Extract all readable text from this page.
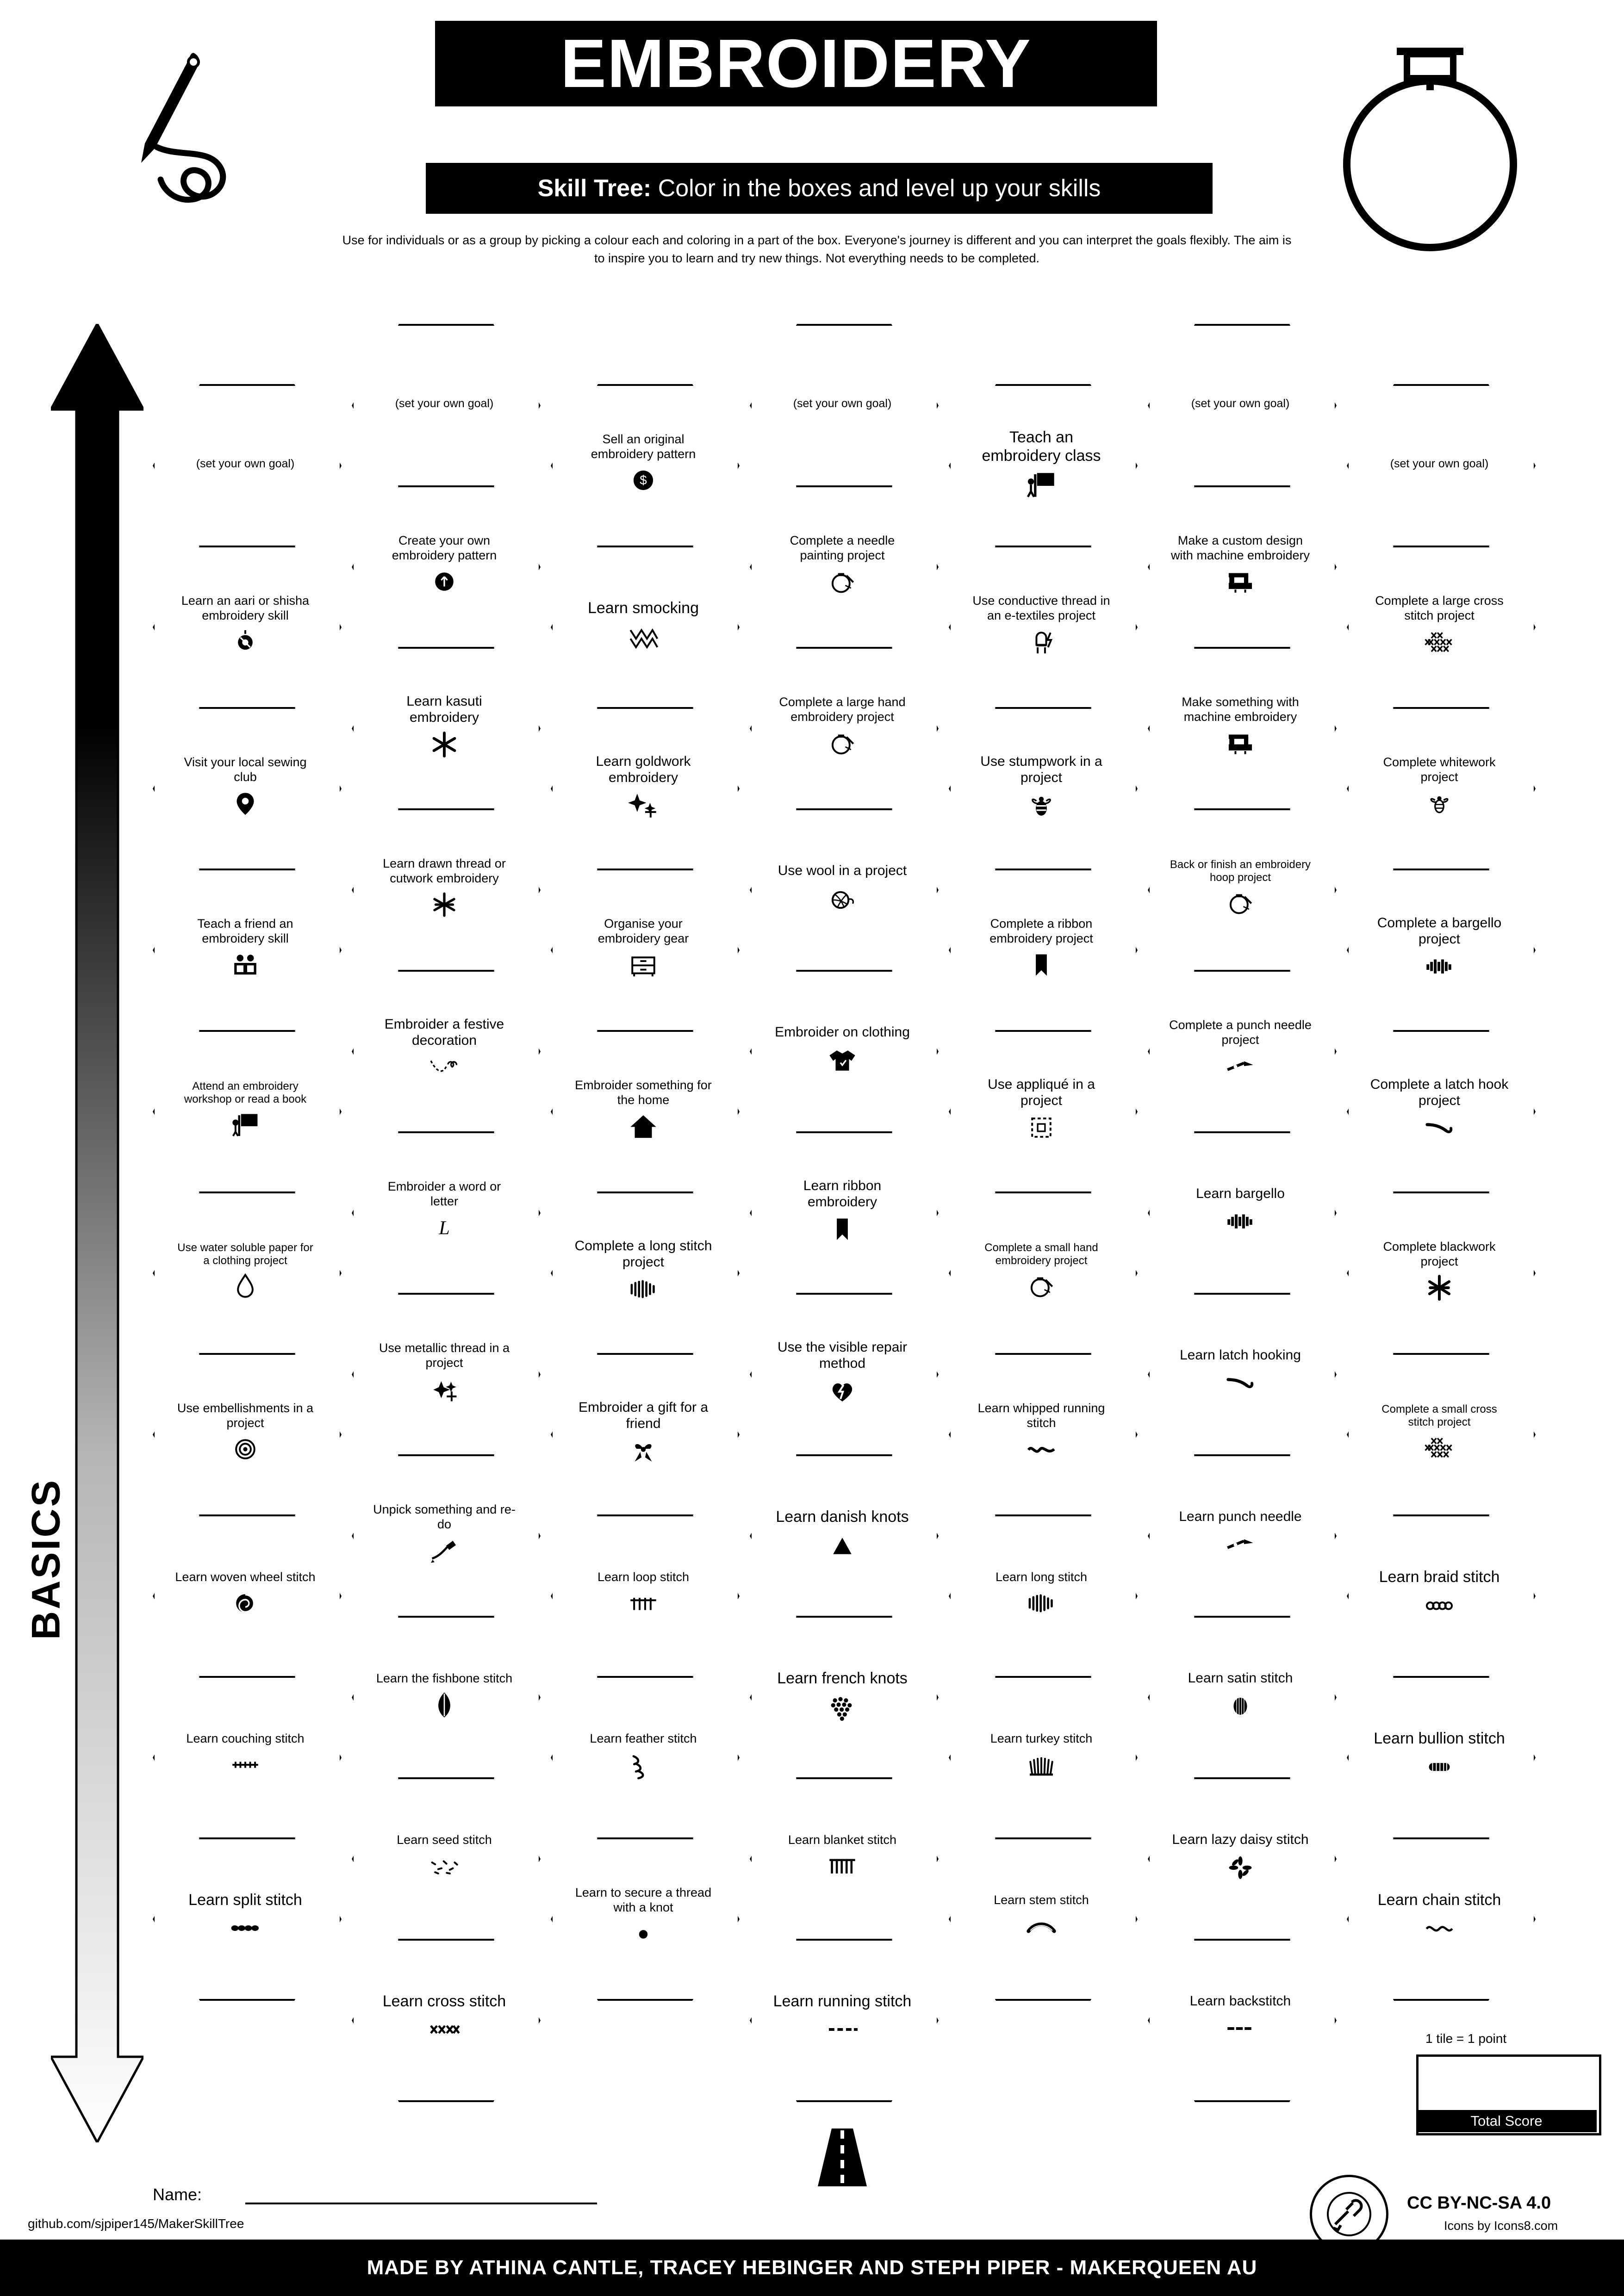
EMBROIDERY
Skill Tree: Color in the boxes and level up your skills
Use for individuals or as a group by picking a colour each and coloring in a part of the box. Everyone's journey is different and you can interpret the goals flexibly. The aim is to inspire you to learn and try new things. Not everything needs to be completed.
ADVANCED
BASICS
(set your own goal)
Learn an aari or shisha embroidery skill
Visit your local sewing club
Teach a friend an embroidery skill
Attend an embroidery workshop or read a book
Use water soluble paper for a clothing project
Use embellishments in a project
Learn woven wheel stitch
Learn couching stitch
Learn split stitch
(set your own goal)
Create your own embroidery pattern
Learn kasuti embroidery
Learn drawn thread or cutwork embroidery
Embroider a festive decoration
Embroider a word or letter
L
Use metallic thread in a project
Unpick something and re-do
Learn the fishbone stitch
Learn seed stitch
Learn cross stitch
Sell an original embroidery pattern
$
Learn smocking
Learn goldwork embroidery
Organise your embroidery gear
Embroider something for the home
Complete a long stitch project
Embroider a gift for a friend
Learn loop stitch
Learn feather stitch
Learn to secure a thread with a knot
(set your own goal)
Complete a needle painting project
Complete a large hand embroidery project
Use wool in a project
Embroider on clothing
Learn ribbon embroidery
Use the visible repair method
Learn danish knots
Learn french knots
Learn blanket stitch
Learn running stitch
Teach an embroidery class
Use conductive thread in an e-textiles project
Use stumpwork in a project
Complete a ribbon embroidery project
Use appliqué in a project
Complete a small hand embroidery project
Learn whipped running stitch
Learn long stitch
Learn turkey stitch
Learn stem stitch
(set your own goal)
Make a custom design with machine embroidery
Make something with machine embroidery
Back or finish an embroidery hoop project
Complete a punch needle project
Learn bargello
Learn latch hooking
Learn punch needle
Learn satin stitch
Learn lazy daisy stitch
Learn backstitch
(set your own goal)
Complete a large cross stitch project
Complete whitework project
Complete a bargello project
Complete a latch hook project
Complete blackwork project
Complete a small cross stitch project
Learn braid stitch
Learn bullion stitch
Learn chain stitch
1 tile = 1 point
Total Score
Name:
github.com/sjpiper145/MakerSkillTree
CC BY-NC-SA 4.0
Icons by Icons8.com
MADE BY ATHINA CANTLE, TRACEY HEBINGER AND STEPH PIPER - MAKERQUEEN AU
